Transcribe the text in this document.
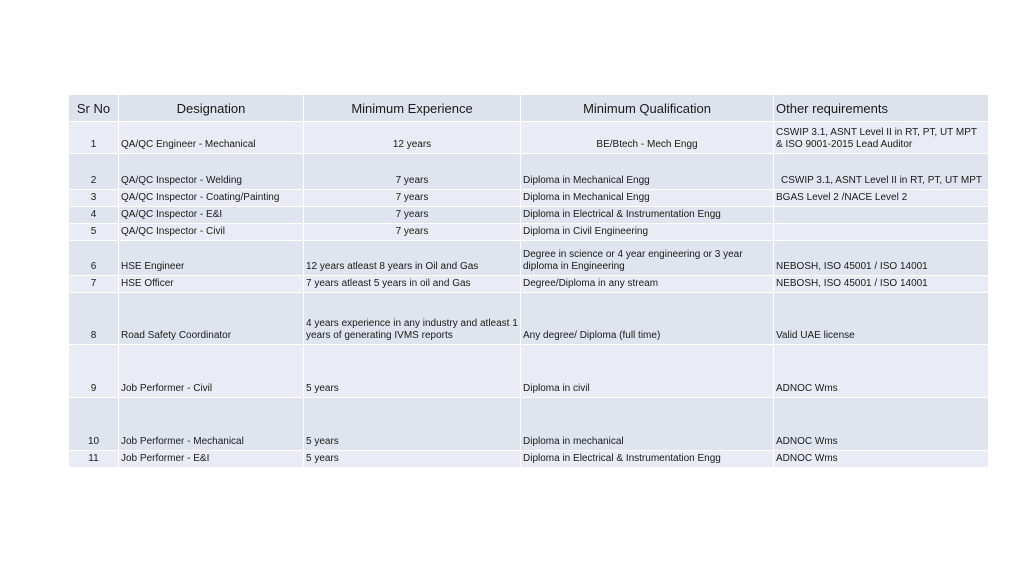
Sr No	Designation	Minimum Experience	Minimum Qualification	Other requirements
1	QA/QC Engineer - Mechanical	12 years	BE/Btech - Mech Engg	CSWIP 3.1, ASNT Level II in RT, PT, UT MPT & ISO 9001-2015 Lead Auditor
2	QA/QC Inspector - Welding	7 years	Diploma in Mechanical Engg	CSWIP 3.1, ASNT Level II in RT, PT, UT MPT
3	QA/QC Inspector - Coating/Painting	7 years	Diploma in Mechanical Engg	BGAS Level 2 /NACE Level 2
4	QA/QC Inspector - E&I	7 years	Diploma in Electrical & Instrumentation Engg	
5	QA/QC Inspector - Civil	7 years	Diploma in Civil Engineering	
6	HSE Engineer	12 years atleast 8 years in Oil and Gas	Degree in science or 4 year engineering or 3 year diploma in Engineering	NEBOSH, ISO 45001 / ISO 14001
7	HSE Officer	7 years atleast 5 years in oil and Gas	Degree/Diploma in any stream	NEBOSH, ISO 45001 / ISO 14001
8	Road Safety Coordinator	4 years experience in any industry and atleast 1 years of generating IVMS reports	Any degree/ Diploma (full time)	Valid UAE license
9	Job Performer - Civil	5 years	Diploma in civil	ADNOC Wms
10	Job Performer - Mechanical	5 years	Diploma in mechanical	ADNOC Wms
11	Job Performer - E&I	5 years	Diploma in Electrical & Instrumentation Engg	ADNOC Wms
